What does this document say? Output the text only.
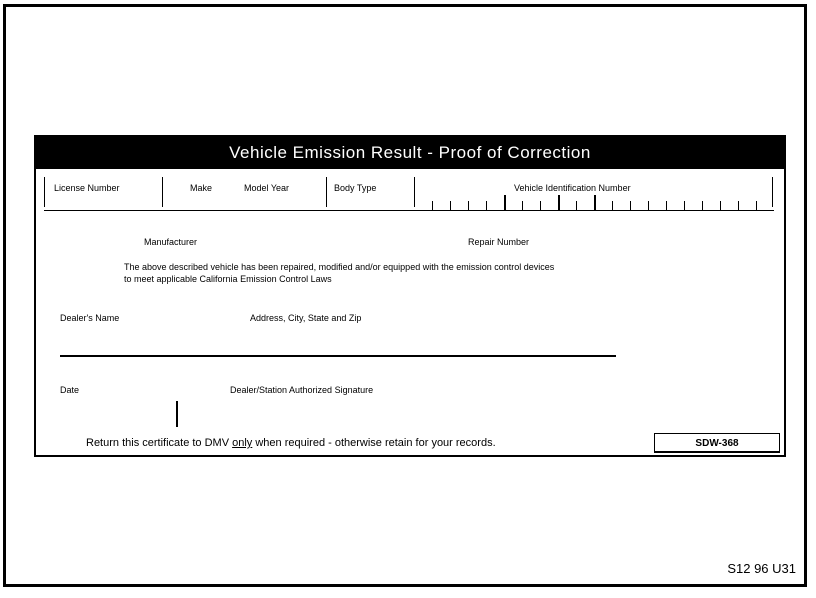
Vehicle Emission Result - Proof of Correction
License Number	Make	Model Year	Body Type	Vehicle Identification Number
Manufacturer	Repair Number
The above described vehicle has been repaired, modified and/or equipped with the emission control devices
to meet applicable California Emission Control Laws
Dealer's Name	Address, City, State and Zip
Date	Dealer/Station Authorized Signature
Return this certificate to DMV only when required - otherwise retain for your records.	SDW-368
S12 96 U31
